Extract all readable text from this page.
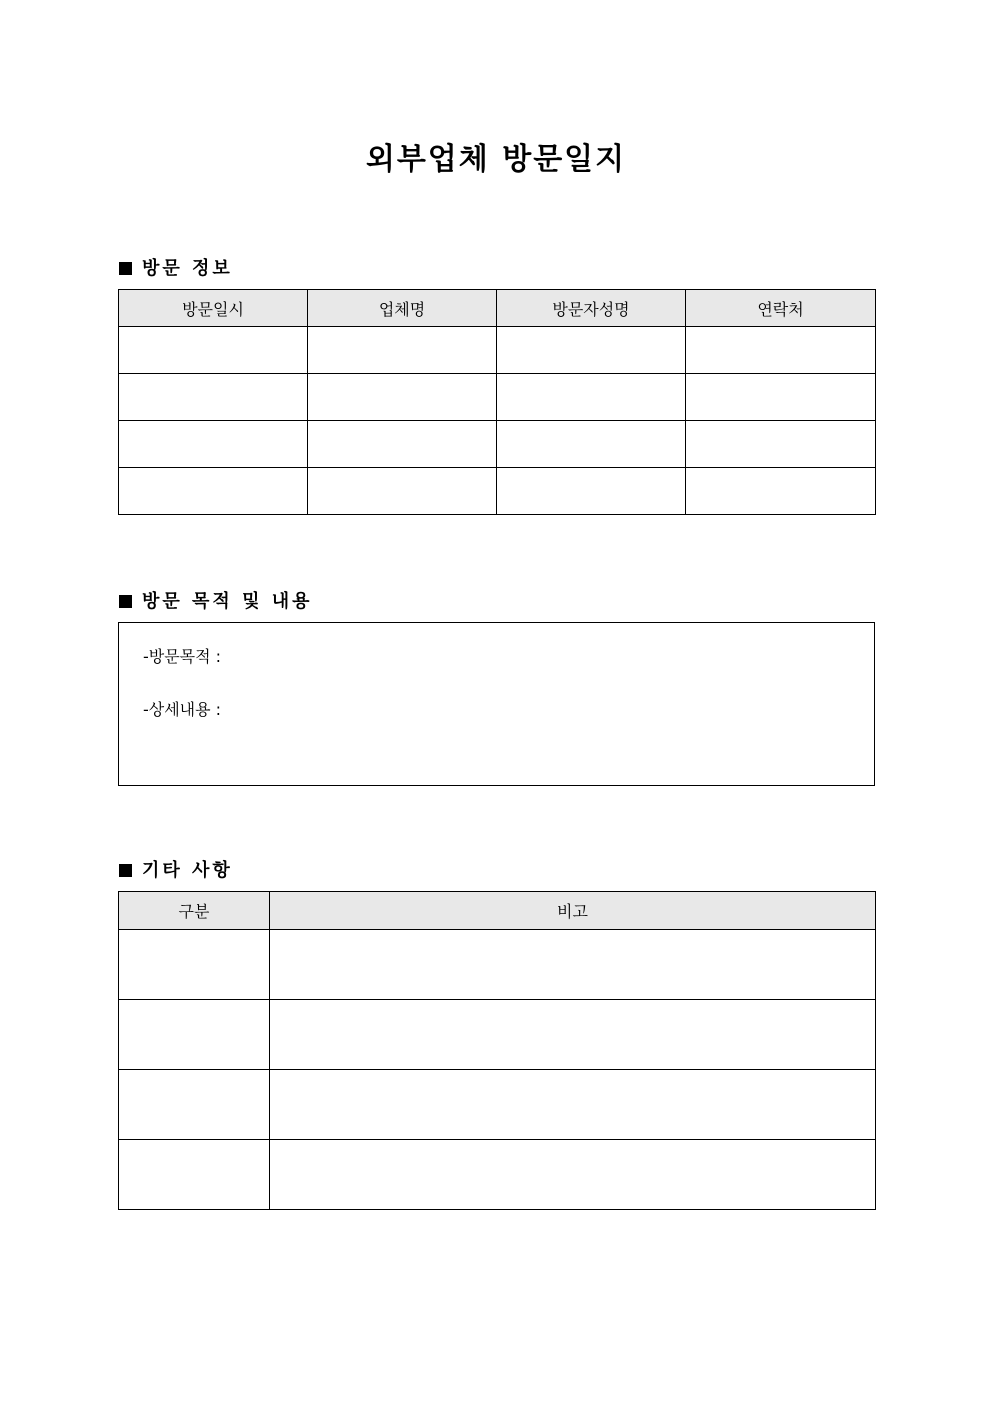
외부업체 방문일지
방문 정보
방문일시	업체명	방문자성명	연락처

방문 목적 및 내용
-방문목적 :
-상세내용 :
기타 사항
구분	비고
